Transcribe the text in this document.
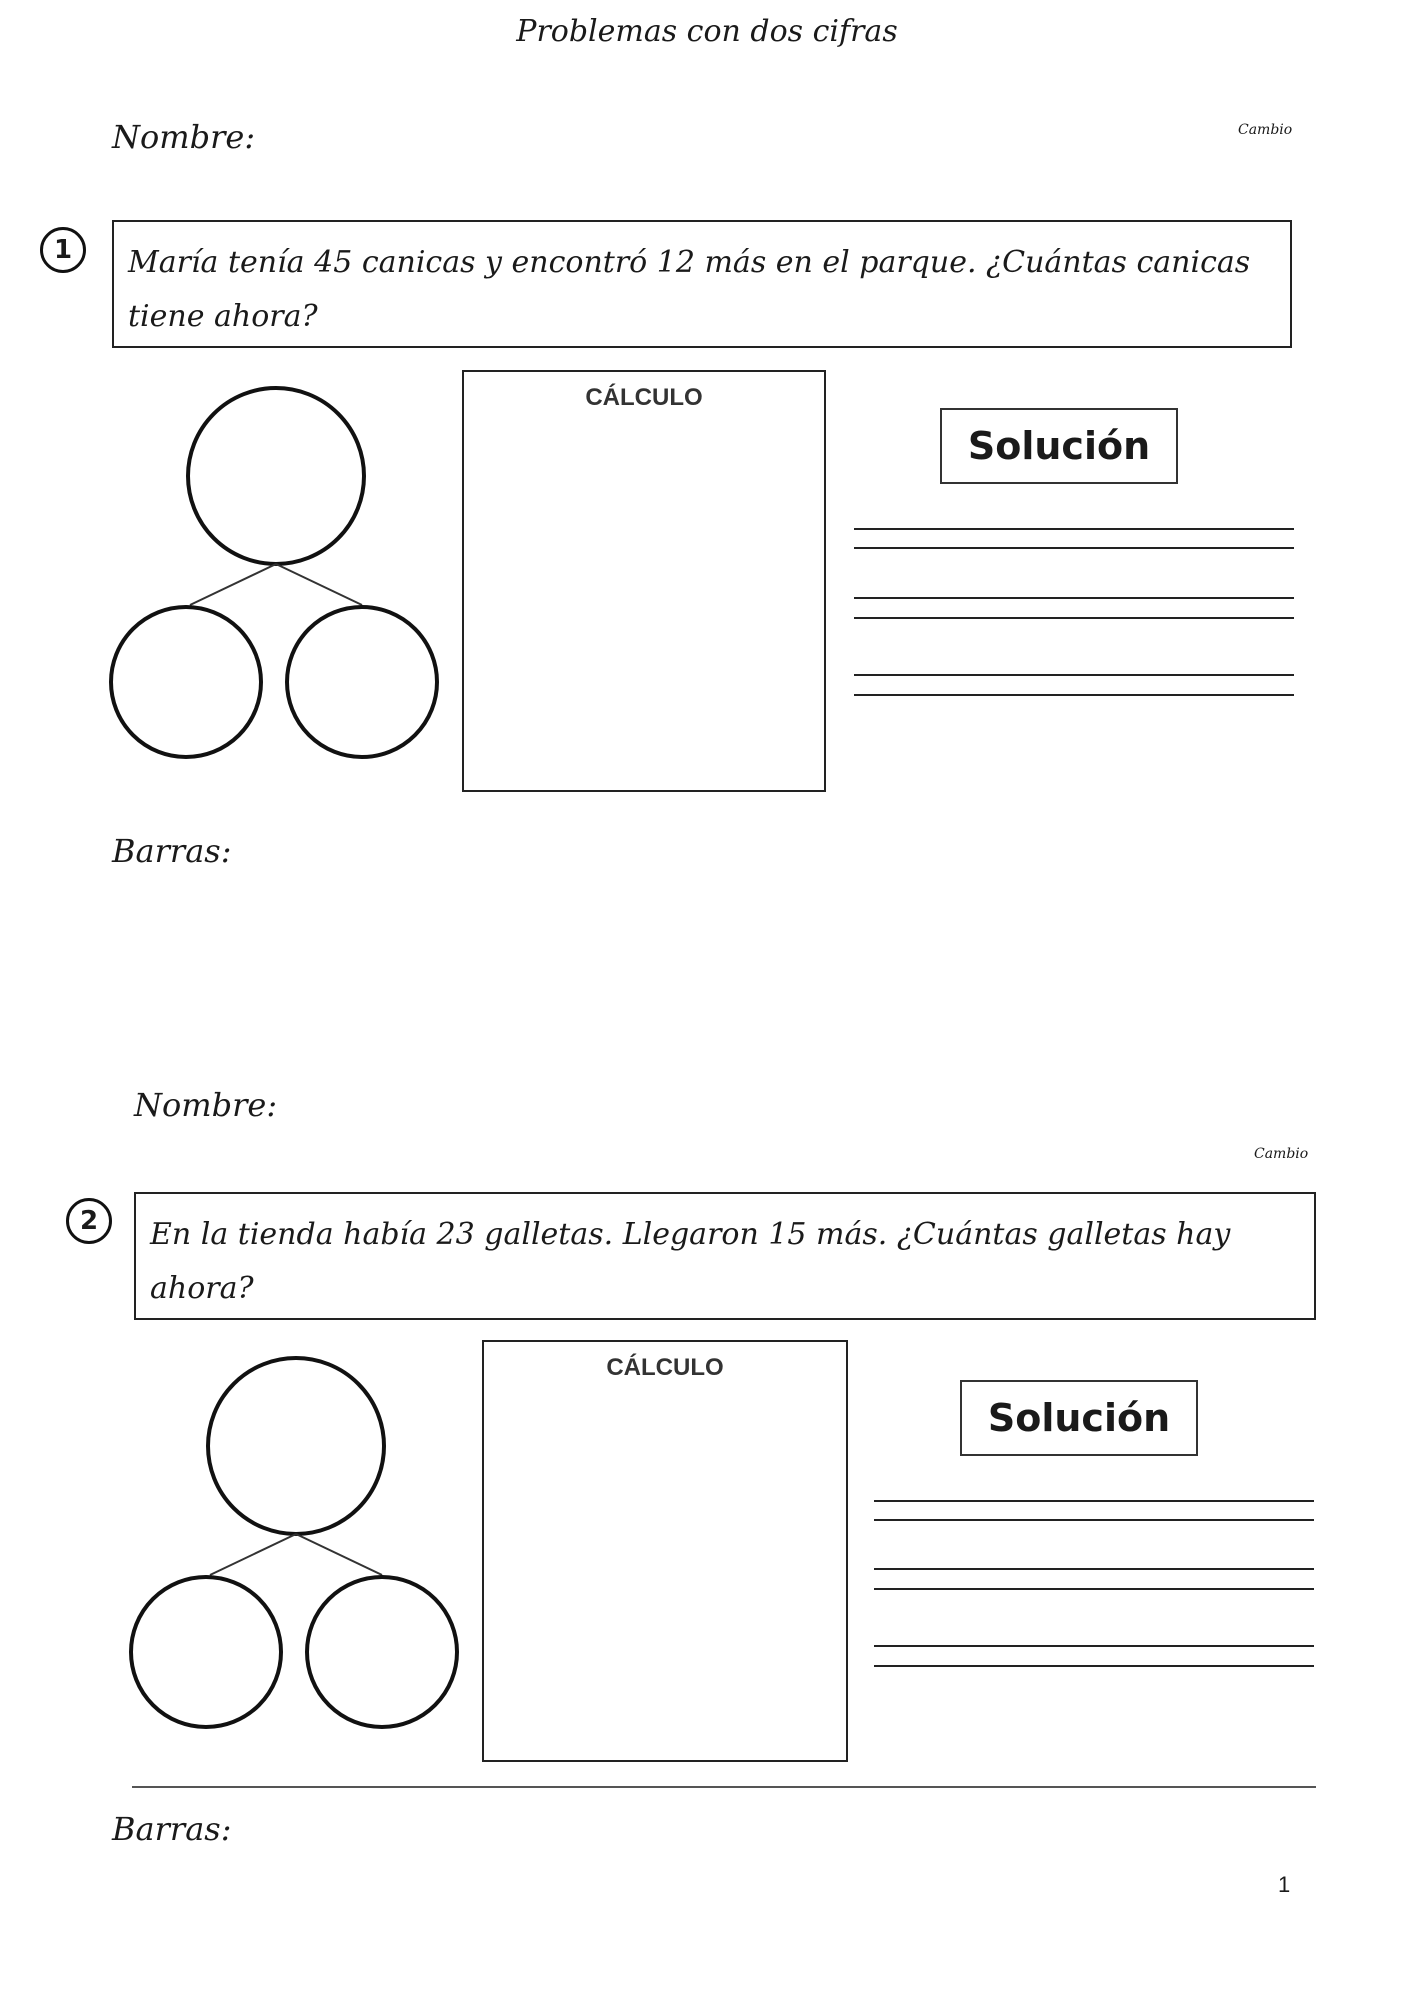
Problemas con dos cifras
Nombre:	Cambio
1	María tenía 45 canicas y encontró 12 más en el parque. ¿Cuántas canicas tiene ahora?
CÁLCULO
Solución
Barras:
Nombre:
Cambio
2	En la tienda había 23 galletas. Llegaron 15 más. ¿Cuántas galletas hay ahora?
CÁLCULO
Solución
Barras:
1
